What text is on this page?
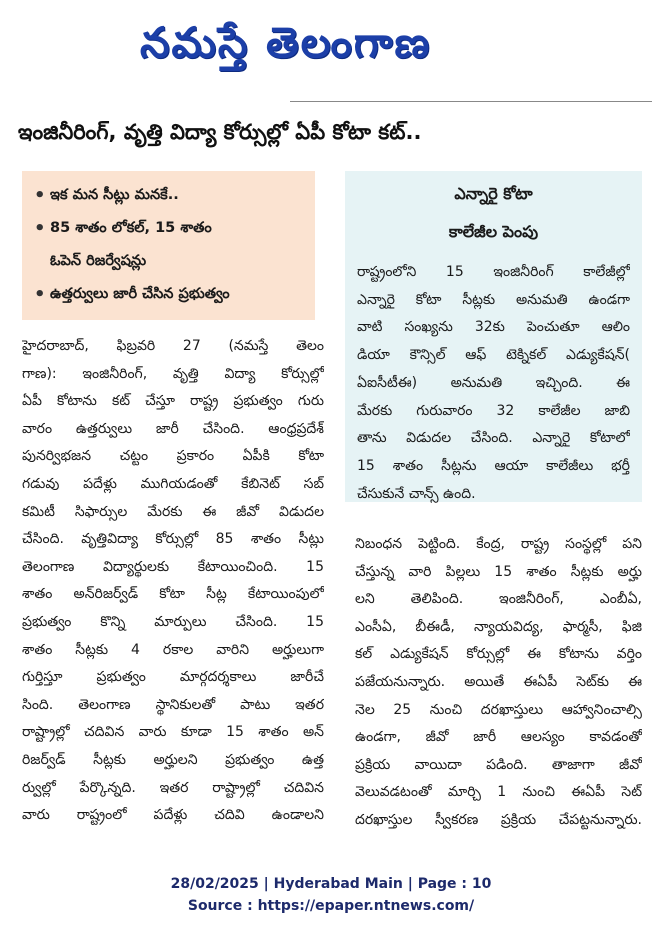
నమస్తే తెలంగాణ
ఇంజినీరింగ్, వృత్తి విద్యా కోర్సుల్లో ఏపీ కోటా కట్..
• ఇక మన సీట్లు మనకే..
• 85 శాతం లోకల్, 15 శాతం
ఓపెన్ రిజర్వేషన్లు
• ఉత్తర్వులు జారీ చేసిన ప్రభుత్వం
ఎన్నారై కోటా
కాలేజీల పెంపు
రాష్ట్రంలోని 15 ఇంజినీరింగ్ కాలేజీల్లో
ఎన్నారై కోటా సీట్లకు అనుమతి ఉండగా
వాటి సంఖ్యను 32కు పెంచుతూ ఆలిం
డియా కౌన్సిల్ ఆఫ్ టెక్నికల్ ఎడ్యుకేషన్(
ఏఐసీటీఈ) అనుమతి ఇచ్చింది. ఈ
మేరకు గురువారం 32 కాలేజీల జాబి
తాను విడుదల చేసింది. ఎన్నారై కోటాలో
15 శాతం సీట్లను ఆయా కాలేజీలు భర్తీ
చేసుకునే చాన్స్ ఉంది.
హైదరాబాద్, ఫిబ్రవరి 27 (నమస్తే తెలం
గాణ): ఇంజినీరింగ్, వృత్తి విద్యా కోర్సుల్లో
ఏపీ కోటాను కట్ చేస్తూ రాష్ట్ర ప్రభుత్వం గురు
వారం ఉత్తర్వులు జారీ చేసింది. ఆంధ్రప్రదేశ్
పునర్విభజన చట్టం ప్రకారం ఏపీకి కోటా
గడువు పదేళ్లు ముగియడంతో కేబినెట్ సబ్
కమిటీ సిఫార్సుల మేరకు ఈ జీవో విడుదల
చేసింది. వృత్తివిద్యా కోర్సుల్లో 85 శాతం సీట్లు
తెలంగాణ విద్యార్థులకు కేటాయించింది. 15
శాతం అన్‌రిజర్వ్‌డ్ కోటా సీట్ల కేటాయింపులో
ప్రభుత్వం కొన్ని మార్పులు చేసింది. 15
శాతం సీట్లకు 4 రకాల వారిని అర్హులుగా
గుర్తిస్తూ ప్రభుత్వం మార్గదర్శకాలు జారీచే
సింది. తెలంగాణ స్థానికులతో పాటు ఇతర
రాష్ట్రాల్లో చదివిన వారు కూడా 15 శాతం అన్
రిజర్వ్‌డ్ సీట్లకు అర్హులని ప్రభుత్వం ఉత్త
ర్వుల్లో పేర్కొన్నది. ఇతర రాష్ట్రాల్లో చదివిన
వారు రాష్ట్రంలో పదేళ్లు చదివి ఉండాలని
నిబంధన పెట్టింది. కేంద్ర, రాష్ట్ర సంస్థల్లో పని
చేస్తున్న వారి పిల్లలు 15 శాతం సీట్లకు అర్హు
లని తెలిపింది. ఇంజినీరింగ్, ఎంబీఏ,
ఎంసీఏ, బీఈడీ, న్యాయవిద్య, ఫార్మసీ, ఫిజి
కల్ ఎడ్యుకేషన్ కోర్సుల్లో ఈ కోటాను వర్తిం
పజేయనున్నారు. అయితే ఈఏపీ సెట్‌కు ఈ
నెల 25 నుంచి దరఖాస్తులు ఆహ్వానించాల్సి
ఉండగా, జీవో జారీ ఆలస్యం కావడంతో
ప్రక్రియ వాయిదా పడింది. తాజాగా జీవో
వెలువడటంతో మార్చి 1 నుంచి ఈఏపీ సెట్
దరఖాస్తుల స్వీకరణ ప్రక్రియ చేపట్టనున్నారు.
28/02/2025 | Hyderabad Main | Page : 10
Source : https://epaper.ntnews.com/
